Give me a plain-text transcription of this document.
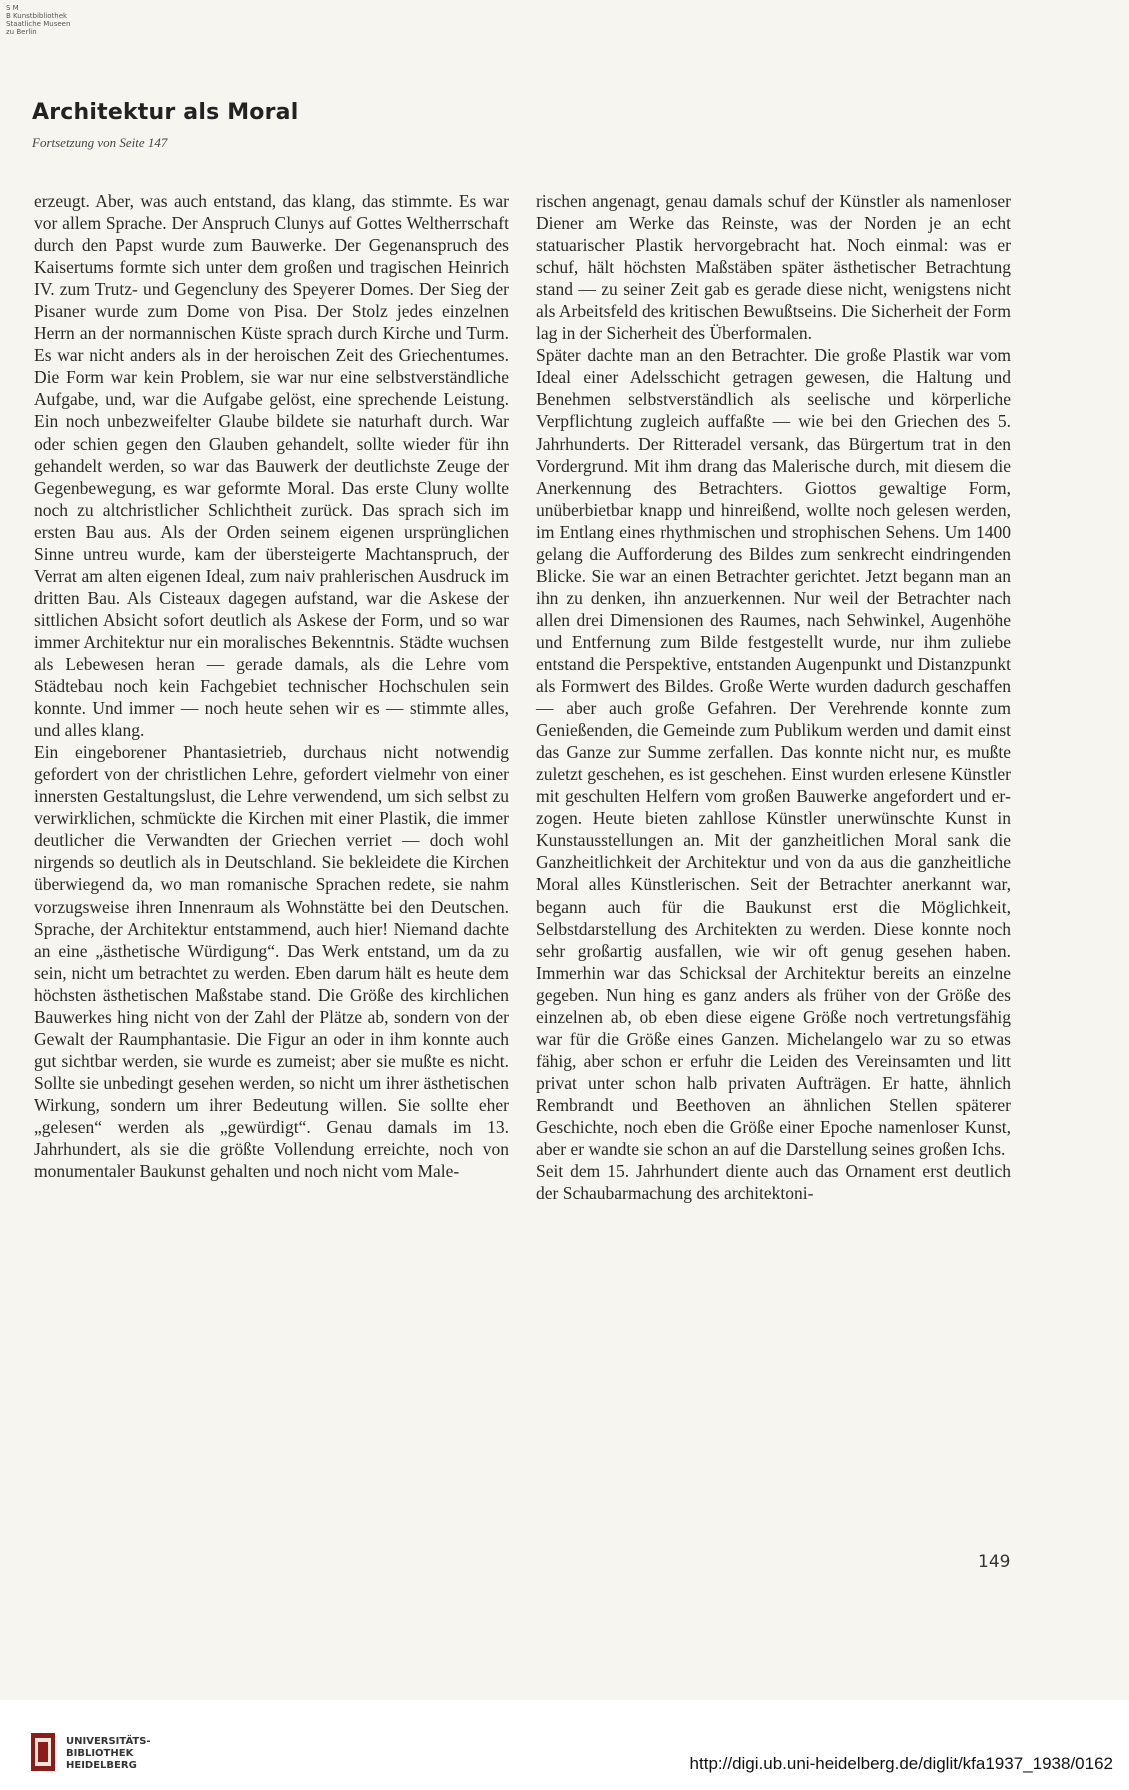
S M
B Kunstbibliothek
Staatliche Museen
zu Berlin
Architektur als Moral
Fortsetzung von Seite 147

erzeugt. Aber, was auch entstand, das klang, das stimmte. Es war vor allem Sprache. Der Anspruch Clunys auf Gottes Weltherrschaft durch den Papst wurde zum Bauwerke. Der Gegenanspruch des Kaisertums formte sich unter dem großen und tragischen Heinrich IV. zum Trutz- und Gegencluny des Speyerer Domes. Der Sieg der Pisaner wurde zum Dome von Pisa. Der Stolz jedes einzelnen Herrn an der normannischen Küste sprach durch Kirche und Turm. Es war nicht anders als in der heroischen Zeit des Griechentumes. Die Form war kein Problem, sie war nur eine selbstverständliche Aufgabe, und, war die Aufgabe gelöst, eine sprechende Leistung. Ein noch unbezweifelter Glaube bildete sie naturhaft durch. War oder schien gegen den Glauben gehandelt, sollte wieder für ihn gehandelt werden, so war das Bauwerk der deutlichste Zeuge der Gegenbewegung, es war geformte Moral. Das erste Cluny wollte noch zu altchristlicher Schlichtheit zurück. Das sprach sich im ersten Bau aus. Als der Orden seinem eigenen ursprünglichen Sinne untreu wurde, kam der übersteigerte Machtanspruch, der Verrat am alten eigenen Ideal, zum naiv prahlerischen Ausdruck im dritten Bau. Als Cisteaux dagegen aufstand, war die Askese der sittlichen Absicht sofort deutlich als Askese der Form, und so war immer Architektur nur ein moralisches Bekenntnis. Städte wuchsen als Lebewesen heran — gerade damals, als die Lehre vom Städtebau noch kein Fachgebiet technischer Hochschulen sein konnte. Und immer — noch heute sehen wir es — stimmte alles, und alles klang.

Ein eingeborener Phantasietrieb, durchaus nicht notwendig gefordert von der christlichen Lehre, gefordert vielmehr von einer innersten Gestaltungslust, die Lehre verwendend, um sich selbst zu verwirklichen, schmückte die Kirchen mit einer Plastik, die immer deutlicher die Verwandten der Griechen verriet — doch wohl nirgends so deutlich als in Deutschland. Sie bekleidete die Kirchen überwiegend da, wo man romanische Sprachen redete, sie nahm vorzugsweise ihren Innenraum als Wohnstätte bei den Deutschen. Sprache, der Architektur entstammend, auch hier! Niemand dachte an eine „ästhetische Würdigung“. Das Werk entstand, um da zu sein, nicht um betrachtet zu werden. Eben darum hält es heute dem höchsten ästhetischen Maßstabe stand. Die Größe des kirchlichen Bauwerkes hing nicht von der Zahl der Plätze ab, sondern von der Gewalt der Raumphantasie. Die Figur an oder in ihm konnte auch gut sichtbar werden, sie wurde es zumeist; aber sie mußte es nicht. Sollte sie unbedingt gesehen werden, so nicht um ihrer ästhetischen Wirkung, sondern um ihrer Bedeutung willen. Sie sollte eher „gelesen“ werden als „gewürdigt“. Genau damals im 13. Jahrhundert, als sie die größte Vollendung erreichte, noch von monumentaler Baukunst gehalten und noch nicht vom Male-

rischen angenagt, genau damals schuf der Künstler als namenloser Diener am Werke das Reinste, was der Norden je an echt statuarischer Plastik hervorgebracht hat. Noch einmal: was er schuf, hält höchsten Maßstäben später ästhetischer Betrachtung stand — zu seiner Zeit gab es gerade diese nicht, wenigstens nicht als Arbeitsfeld des kritischen Bewußtseins. Die Sicherheit der Form lag in der Sicherheit des Überformalen.

Später dachte man an den Betrachter. Die große Plastik war vom Ideal einer Adelsschicht getragen gewesen, die Haltung und Benehmen selbstverständlich als seelische und körperliche Verpflichtung zugleich auffaßte — wie bei den Griechen des 5. Jahrhunderts. Der Ritteradel versank, das Bürgertum trat in den Vordergrund. Mit ihm drang das Malerische durch, mit diesem die Anerkennung des Betrachters. Giottos gewaltige Form, unüberbietbar knapp und hinreißend, wollte noch gelesen werden, im Entlang eines rhythmischen und strophischen Sehens. Um 1400 gelang die Aufforderung des Bildes zum senkrecht eindringenden Blicke. Sie war an einen Betrachter gerichtet. Jetzt begann man an ihn zu denken, ihn anzuerkennen. Nur weil der Betrachter nach allen drei Dimensionen des Raumes, nach Sehwinkel, Augenhöhe und Entfernung zum Bilde festgestellt wurde, nur ihm zuliebe entstand die Perspektive, entstanden Augenpunkt und Distanzpunkt als Formwert des Bildes. Große Werte wurden dadurch geschaffen — aber auch große Gefahren. Der Verehrende konnte zum Genießenden, die Gemeinde zum Publikum werden und damit einst das Ganze zur Summe zerfallen. Das konnte nicht nur, es mußte zuletzt geschehen, es ist geschehen. Einst wurden erlesene Künstler mit geschulten Helfern vom großen Bauwerke angefordert und erzogen. Heute bieten zahllose Künstler unerwünschte Kunst in Kunstausstellungen an. Mit der ganzheitlichen Moral sank die Ganzheitlichkeit der Architektur und von da aus die ganzheitliche Moral alles Künstlerischen. Seit der Betrachter anerkannt war, begann auch für die Baukunst erst die Möglichkeit, Selbstdarstellung des Architekten zu werden. Diese konnte noch sehr großartig ausfallen, wie wir oft genug gesehen haben. Immerhin war das Schicksal der Architektur bereits an einzelne gegeben. Nun hing es ganz anders als früher von der Größe des einzelnen ab, ob eben diese eigene Größe noch vertretungsfähig war für die Größe eines Ganzen. Michelangelo war zu so etwas fähig, aber schon er erfuhr die Leiden des Vereinsamten und litt privat unter schon halb privaten Aufträgen. Er hatte, ähnlich Rembrandt und Beethoven an ähnlichen Stellen späterer Geschichte, noch eben die Größe einer Epoche namenloser Kunst, aber er wandte sie schon an auf die Darstellung seines großen Ichs.

Seit dem 15. Jahrhundert diente auch das Ornament erst deutlich der Schaubarmachung des architektoni-

149
UNIVERSITÄTS-
BIBLIOTHEK
HEIDELBERG	http://digi.ub.uni-heidelberg.de/diglit/kfa1937_1938/0162
